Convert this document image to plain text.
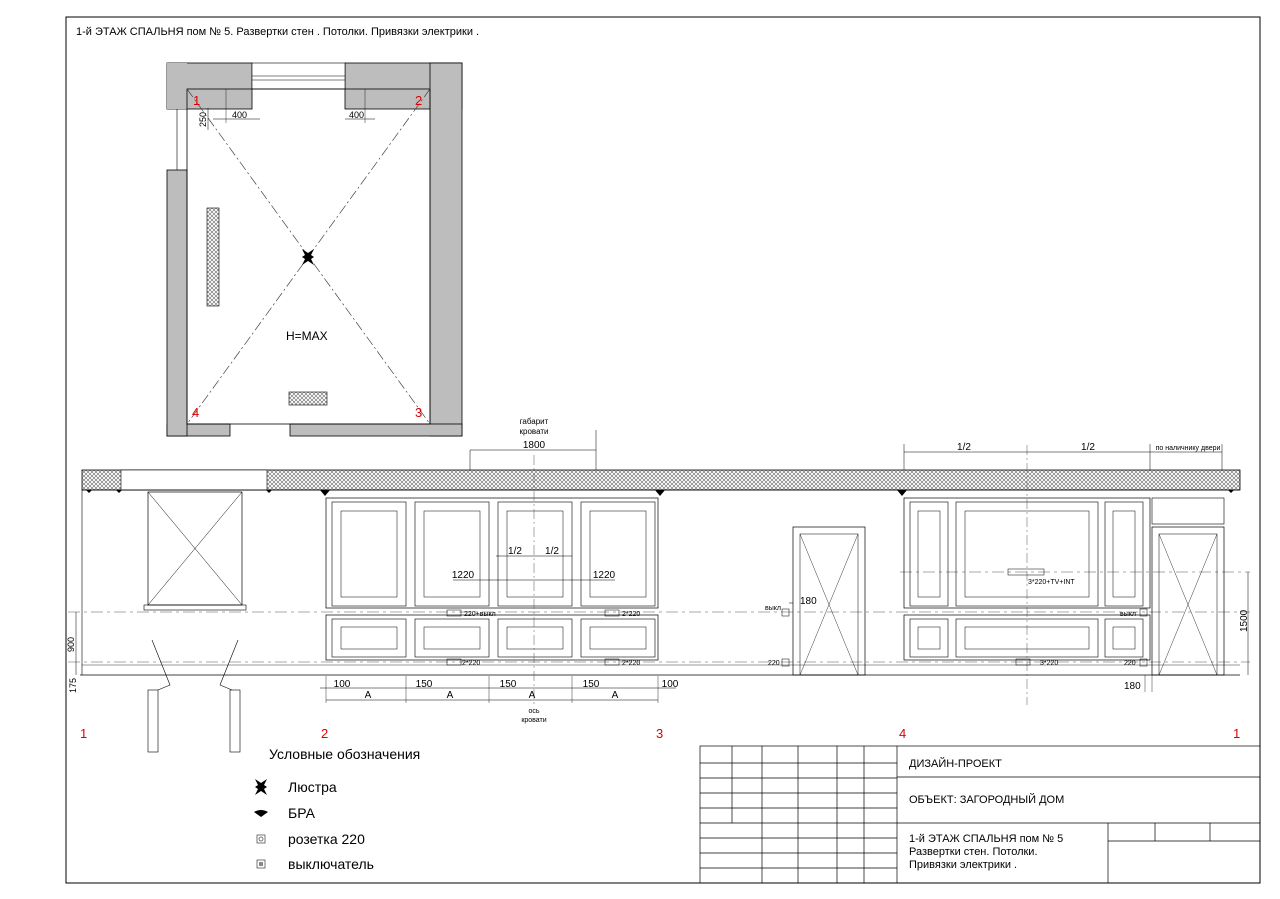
1-й ЭТАЖ СПАЛЬНЯ пом № 5. Развертки стен . Потолки. Привязки электрики .
1	2
3
4
250	400	400
H=MAX
габарит
кровати
1800
1/2 1/2
1/2	1/2	по наличнику двери
1220	1220
220+выкл	2*220
2*220	2*220
3*220+TV+INT
3*220
220	220
выкл
выкл
180
180
1500
900
175	100
А
150
А
150
А
150
А
100
ось
кровати
1	2	3	4	1
Условные обозначения
Люстра
БРА
розетка 220
выключатель
ДИЗАЙН-ПРОЕКТ
ОБЪЕКТ: ЗАГОРОДНЫЙ ДОМ
1-й ЭТАЖ СПАЛЬНЯ пом № 5
Развертки стен. Потолки.
Привязки электрики .
